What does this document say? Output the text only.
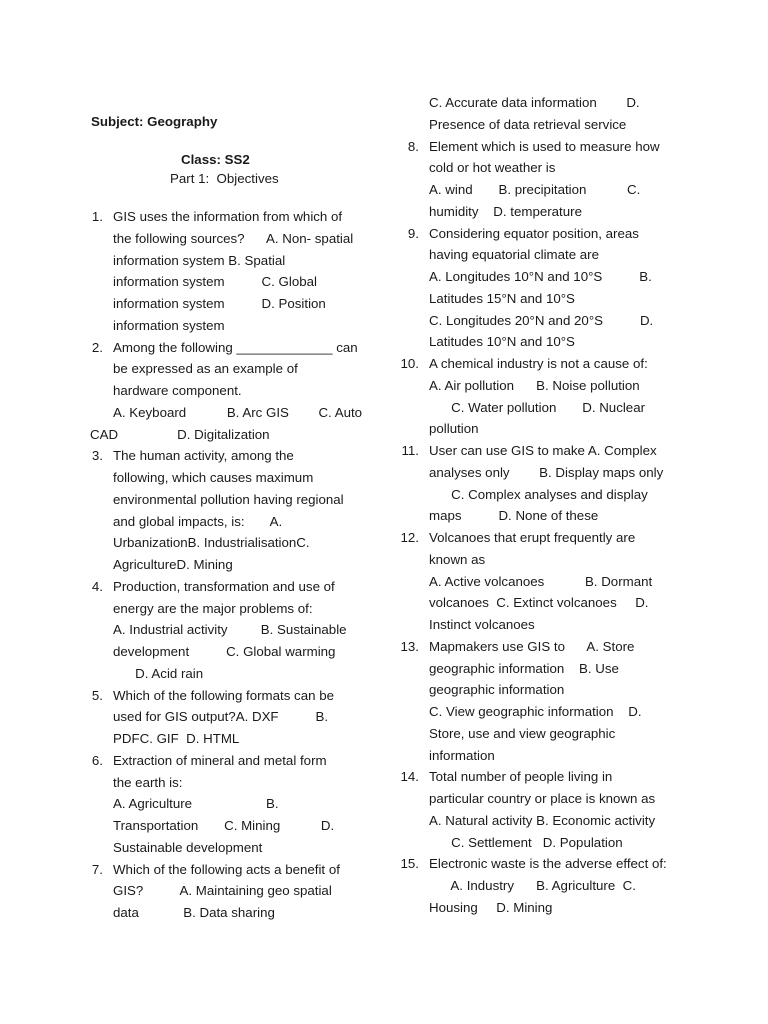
Subject: Geography
Class: SS2
Part 1:  Objectives
1. GIS uses the information from which of
the following sources?      A. Non- spatial
information system B. Spatial
information system          C. Global
information system          D. Position
information system
2. Among the following _____________ can
be expressed as an example of
hardware component.
A. Keyboard           B. Arc GIS        C. Auto
CAD                D. Digitalization
3. The human activity, among the
following, which causes maximum
environmental pollution having regional
and global impacts, is:       A.
UrbanizationB. IndustrialisationC.
AgricultureD. Mining
4. Production, transformation and use of
energy are the major problems of:
A. Industrial activity         B. Sustainable
development          C. Global warming
D. Acid rain
5. Which of the following formats can be
used for GIS output?A. DXF          B.
PDFC. GIF  D. HTML
6. Extraction of mineral and metal form
the earth is:
A. Agriculture                    B.
Transportation       C. Mining           D.
Sustainable development
7. Which of the following acts a benefit of
GIS?          A. Maintaining geo spatial
data            B. Data sharing
C. Accurate data information        D.
Presence of data retrieval service
8. Element which is used to measure how
cold or hot weather is
A. wind       B. precipitation           C.
humidity    D. temperature
9. Considering equator position, areas
having equatorial climate are
A. Longitudes 10°N and 10°S          B.
Latitudes 15°N and 10°S
C. Longitudes 20°N and 20°S          D.
Latitudes 10°N and 10°S
10. A chemical industry is not a cause of:
A. Air pollution      B. Noise pollution
C. Water pollution       D. Nuclear
pollution
11. User can use GIS to make A. Complex
analyses only        B. Display maps only
C. Complex analyses and display
maps          D. None of these
12. Volcanoes that erupt frequently are
known as
A. Active volcanoes           B. Dormant
volcanoes  C. Extinct volcanoes     D.
Instinct volcanoes
13. Mapmakers use GIS to      A. Store
geographic information    B. Use
geographic information
C. View geographic information    D.
Store, use and view geographic
information
14. Total number of people living in
particular country or place is known as
A. Natural activity B. Economic activity
C. Settlement   D. Population
15. Electronic waste is the adverse effect of:
A. Industry      B. Agriculture  C.
Housing     D. Mining
